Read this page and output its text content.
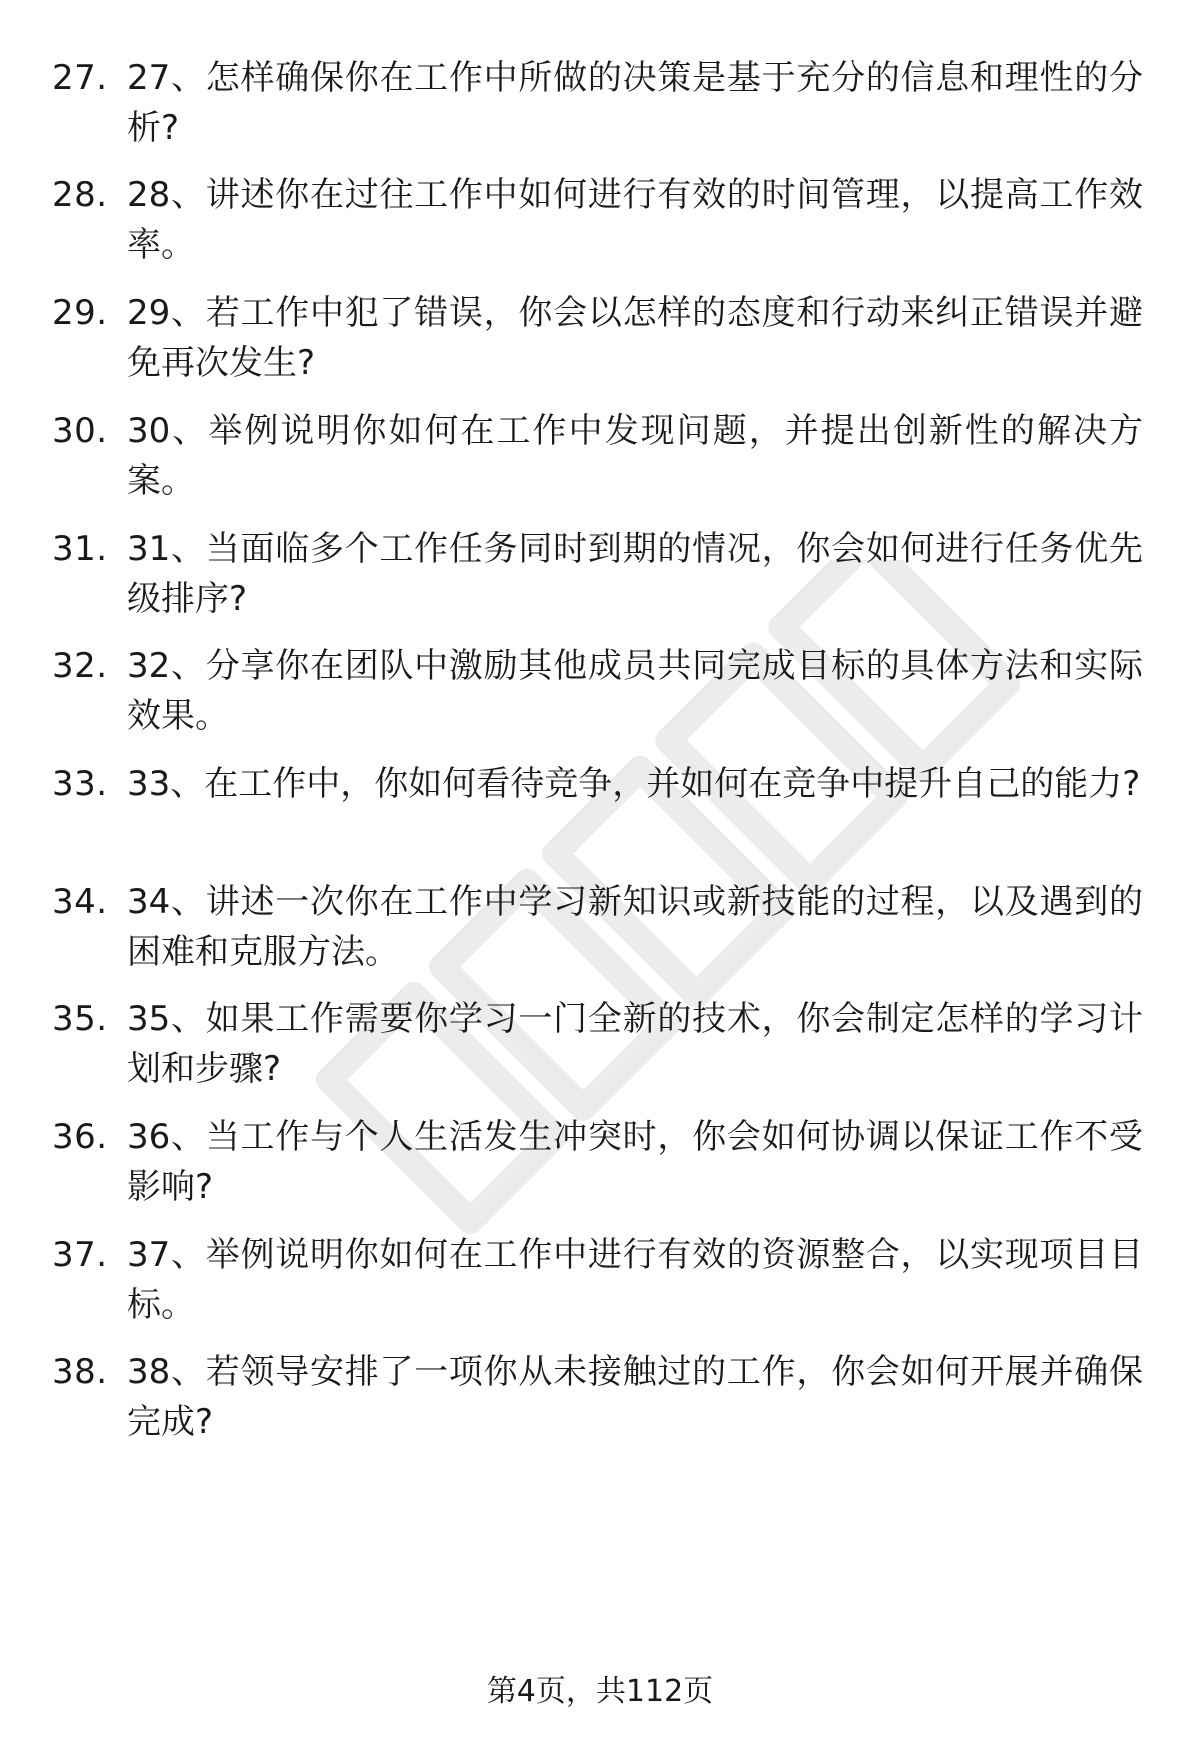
27. 27、怎样确保你在工作中所做的决策是基于充分的信息和理性的分析?
28. 28、讲述你在过往工作中如何进行有效的时间管理，以提高工作效率。
29. 29、若工作中犯了错误，你会以怎样的态度和行动来纠正错误并避免再次发生?
30. 30、举例说明你如何在工作中发现问题，并提出创新性的解决方案。
31. 31、当面临多个工作任务同时到期的情况，你会如何进行任务优先级排序?
32. 32、分享你在团队中激励其他成员共同完成目标的具体方法和实际效果。
33. 33、在工作中，你如何看待竞争，并如何在竞争中提升自己的能力?
34. 34、讲述一次你在工作中学习新知识或新技能的过程，以及遇到的困难和克服方法。
35. 35、如果工作需要你学习一门全新的技术，你会制定怎样的学习计划和步骤?
36. 36、当工作与个人生活发生冲突时，你会如何协调以保证工作不受影响?
37. 37、举例说明你如何在工作中进行有效的资源整合，以实现项目目标。
38. 38、若领导安排了一项你从未接触过的工作，你会如何开展并确保完成?
第4页，共112页
